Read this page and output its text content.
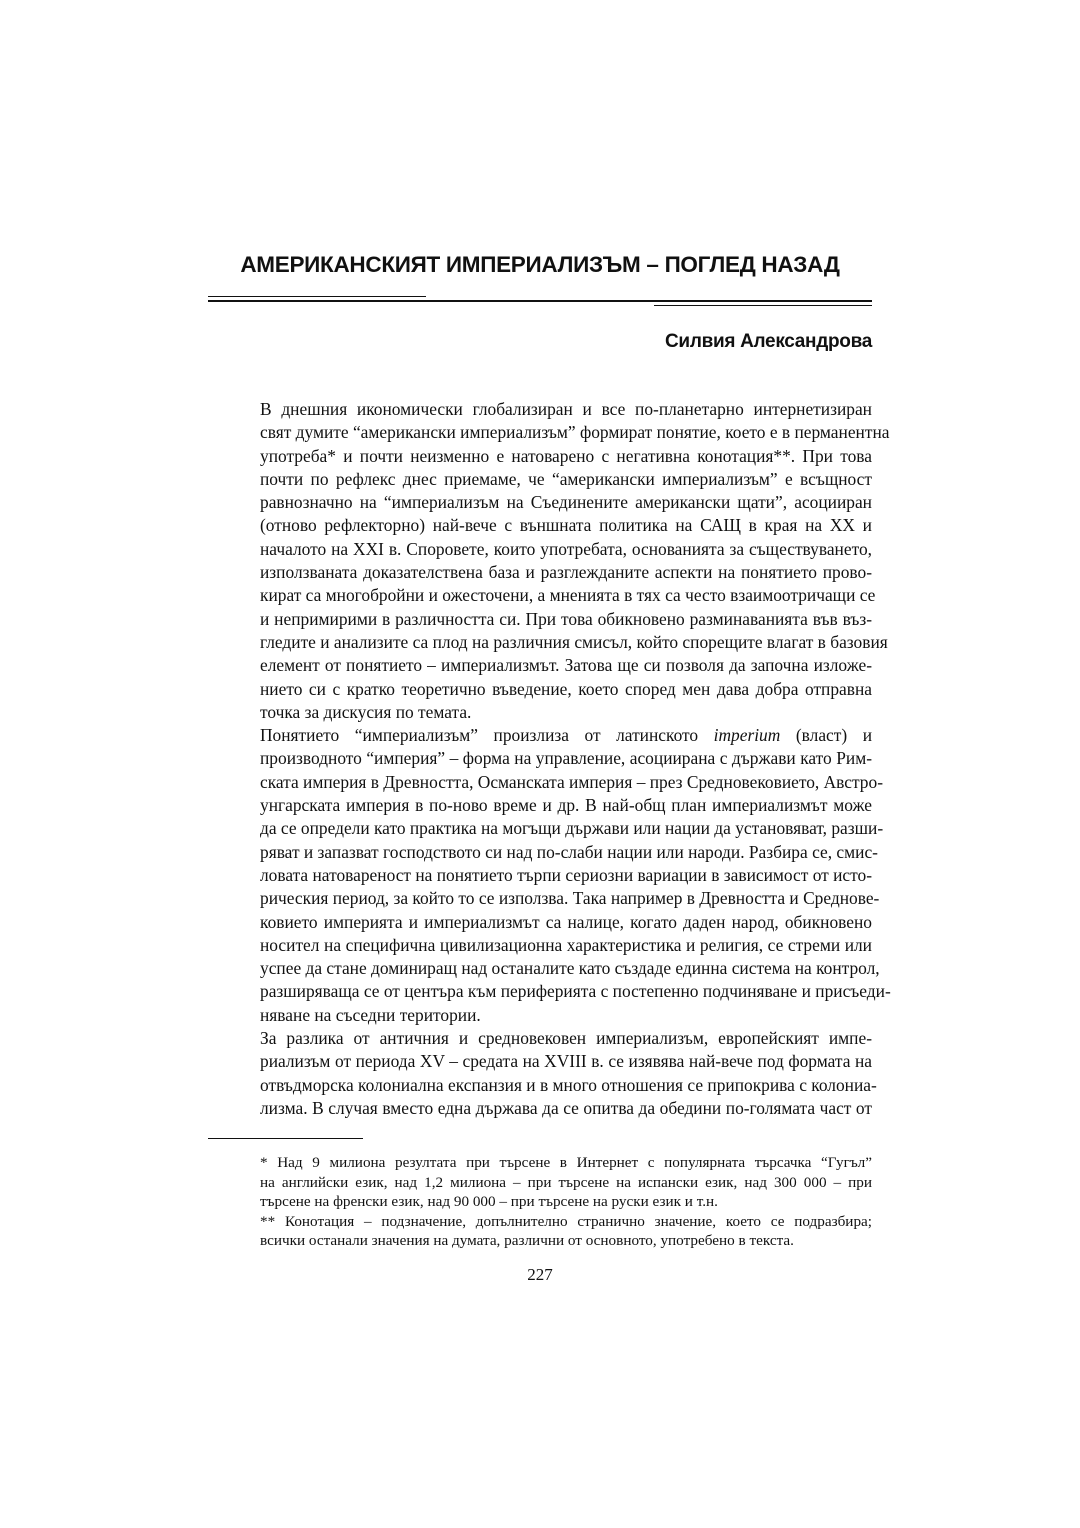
АМЕРИКАНСКИЯТ ИМПЕРИАЛИЗЪМ – ПОГЛЕД НАЗАД
Силвия Александрова

В днешния икономически глобализиран и все по-планетарно интернетизиран
свят думите “американски империализъм” формират понятие, което е в перманентна
употреба* и почти неизменно е натоварено с негативна конотация**. При това
почти по рефлекс днес приемаме, че “американски империализъм” е всъщност
равнозначно на “империализъм на Съединените американски щати”, асоцииран
(отново рефлекторно) най-вече с външната политика на САЩ в края на XX и
началото на XXI в. Споровете, които употребата, основанията за съществуването,
използваната доказателствена база и разглежданите аспекти на понятието прово-
кират са многобройни и ожесточени, а мненията в тях са често взаимоотричащи се
и непримирими в различността си. При това обикновено разминаванията във въз-
гледите и анализите са плод на различния смисъл, който спорещите влагат в базовия
елемент от понятието – империализмът. Затова ще си позволя да започна изложе-
нието си с кратко теоретично въведение, което според мен дава добра отправна
точка за дискусия по темата.

Понятието “империализъм” произлиза от латинското imperium (власт) и
производното “империя” – форма на управление, асоциирана с държави като Рим-
ската империя в Древността, Османската империя – през Средновековието, Австро-
унгарската империя в по-ново време и др. В най-общ план империализмът може
да се определи като практика на могъщи държави или нации да установяват, разши-
ряват и запазват господството си над по-слаби нации или народи. Разбира се, смис-
ловата натовареност на понятието търпи сериозни вариации в зависимост от исто-
рическия период, за който то се използва. Така например в Древността и Среднове-
ковието империята и империализмът са налице, когато даден народ, обикновено
носител на специфична цивилизационна характеристика и религия, се стреми или
успее да стане доминиращ над останалите като създаде единна система на контрол,
разширяваща се от центъра към периферията с постепенно подчиняване и присъеди-
няване на съседни територии.

За разлика от античния и средновековен империализъм, европейският импе-
риализъм от периода XV – средата на XVIII в. се изявява най-вече под формата на
отвъдморска колониална експанзия и в много отношения се припокрива с колониа-
лизма. В случая вместо една държава да се опитва да обедини по-голямата част от

* Над 9 милиона резултата при търсене в Интернет с популярната търсачка “Гугъл”
на английски език, над 1,2 милиона – при търсене на испански език, над 300 000 – при
търсене на френски език, над 90 000 – при търсене на руски език и т.н.

** Конотация – подзначение, допълнително странично значение, което се подразбира;
всички останали значения на думата, различни от основното, употребено в текста.

227
